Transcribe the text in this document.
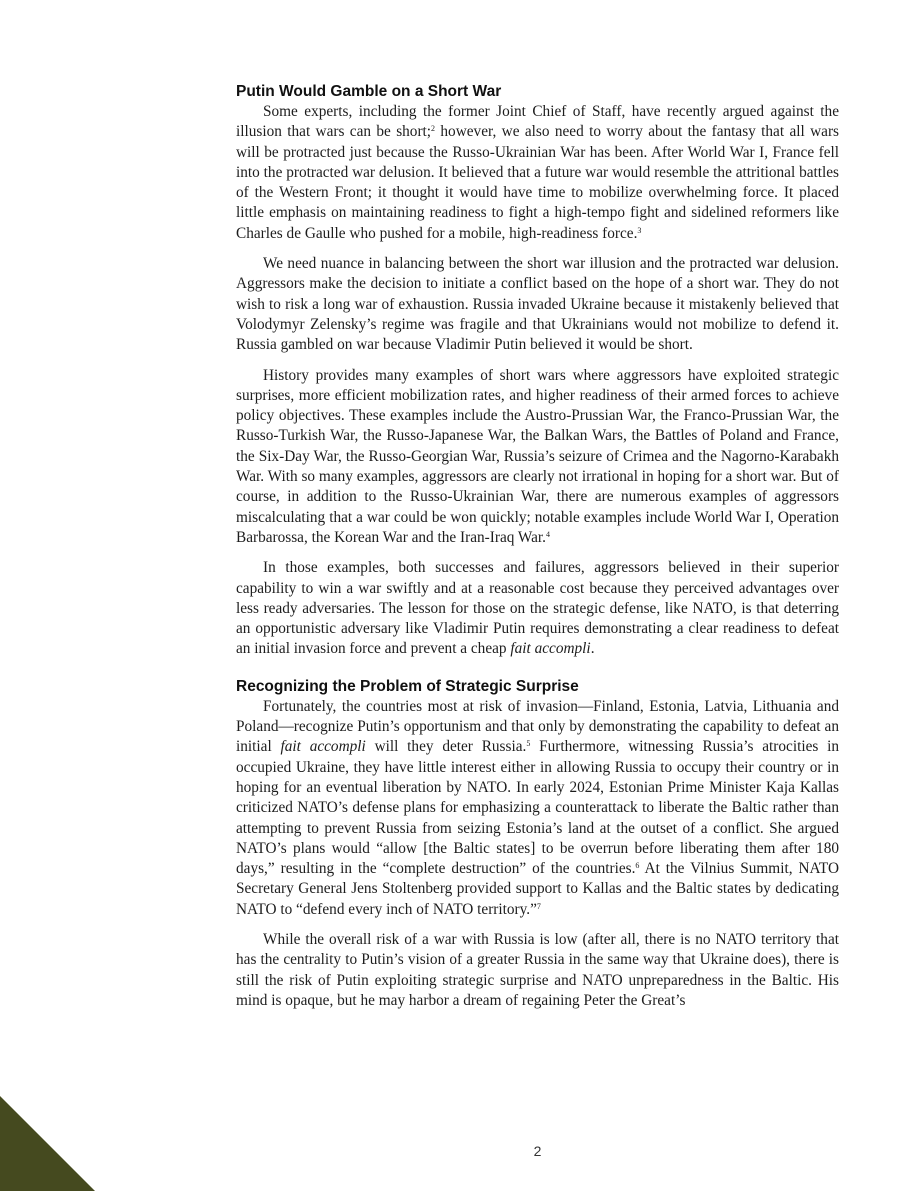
Putin Would Gamble on a Short War

Some experts, including the former Joint Chief of Staff, have recently argued against the illusion that wars can be short;$^2$ however, we also need to worry about the fantasy that all wars will be protracted just because the Russo-Ukrainian War has been. After World War I, France fell into the protracted war delusion. It believed that a future war would resemble the attritional battles of the Western Front; it thought it would have time to mobilize overwhelming force. It placed little emphasis on maintaining readiness to fight a high-tempo fight and sidelined reformers like Charles de Gaulle who pushed for a mobile, high-readiness force.$^3$

We need nuance in balancing between the short war illusion and the protracted war delusion. Aggressors make the decision to initiate a conflict based on the hope of a short war. They do not wish to risk a long war of exhaustion. Russia invaded Ukraine because it mistakenly believed that Volodymyr Zelensky’s regime was fragile and that Ukrainians would not mobilize to defend it. Russia gambled on war because Vladimir Putin believed it would be short.

History provides many examples of short wars where aggressors have exploited strategic surprises, more efficient mobilization rates, and higher readiness of their armed forces to achieve policy objectives. These examples include the Austro-Prussian War, the Franco-Prussian War, the Russo-Turkish War, the Russo-Japanese War, the Balkan Wars, the Battles of Poland and France, the Six-Day War, the Russo-Georgian War, Russia’s seizure of Crimea and the Nagorno-Karabakh War. With so many examples, aggressors are clearly not irrational in hoping for a short war. But of course, in addition to the Russo-Ukrainian War, there are numerous examples of aggressors miscalculating that a war could be won quickly; notable examples include World War I, Operation Barbarossa, the Korean War and the Iran-Iraq War.$^4$

In those examples, both successes and failures, aggressors believed in their superior capability to win a war swiftly and at a reasonable cost because they perceived advantages over less ready adversaries. The lesson for those on the strategic defense, like NATO, is that deterring an opportunistic adversary like Vladimir Putin requires demonstrating a clear readiness to defeat an initial invasion force and prevent a cheap fait accompli.

Recognizing the Problem of Strategic Surprise

Fortunately, the countries most at risk of invasion—Finland, Estonia, Latvia, Lithuania and Poland—recognize Putin’s opportunism and that only by demonstrating the capability to defeat an initial fait accompli will they deter Russia.$^5$ Furthermore, witnessing Russia’s atrocities in occupied Ukraine, they have little interest either in allowing Russia to occupy their country or in hoping for an eventual liberation by NATO. In early 2024, Estonian Prime Minister Kaja Kallas criticized NATO’s defense plans for emphasizing a counterattack to liberate the Baltic rather than attempting to prevent Russia from seizing Estonia’s land at the outset of a conflict. She argued NATO’s plans would “allow [the Baltic states] to be overrun before liberating them after 180 days,” resulting in the “complete destruction” of the countries.$^6$ At the Vilnius Summit, NATO Secretary General Jens Stoltenberg provided support to Kallas and the Baltic states by dedicating NATO to “defend every inch of NATO territory.”$^7$

While the overall risk of a war with Russia is low (after all, there is no NATO territory that has the centrality to Putin’s vision of a greater Russia in the same way that Ukraine does), there is still the risk of Putin exploiting strategic surprise and NATO unpreparedness in the Baltic. His mind is opaque, but he may harbor a dream of regaining Peter the Great’s

2
